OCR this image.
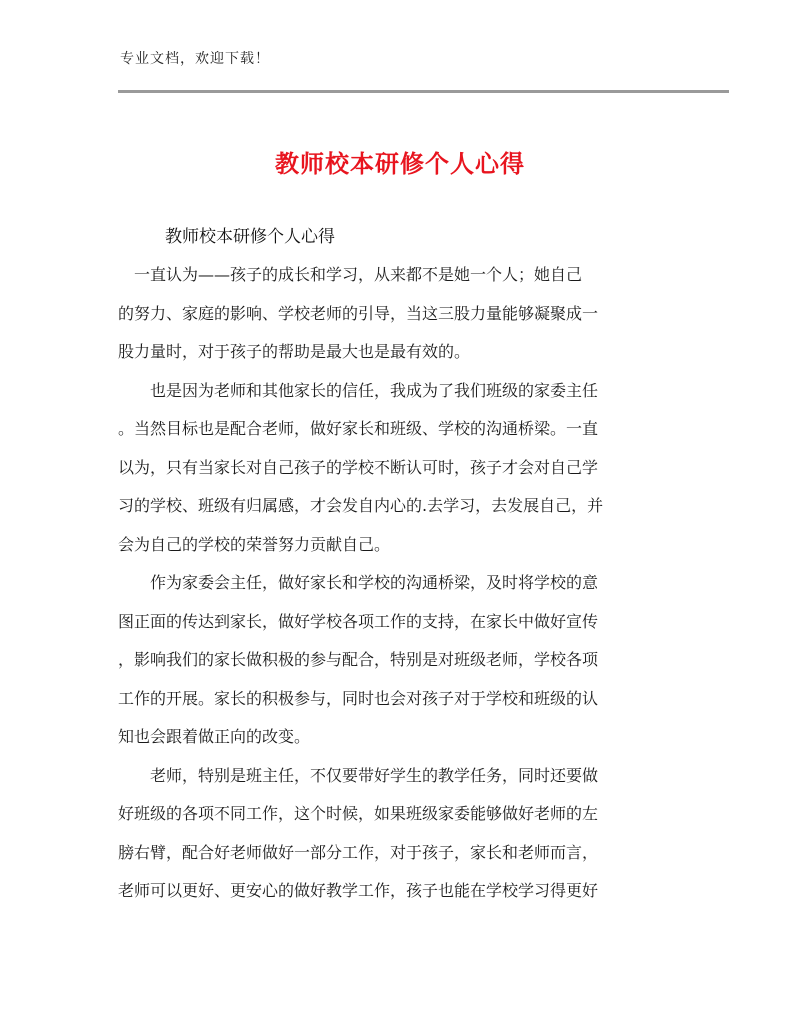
专业文档，欢迎下载！
教师校本研修个人心得
教师校本研修个人心得
　一直认为——孩子的成长和学习，从来都不是她一个人；她自己
的努力、家庭的影响、学校老师的引导，当这三股力量能够凝聚成一
股力量时，对于孩子的帮助是最大也是最有效的。
　　也是因为老师和其他家长的信任，我成为了我们班级的家委主任
。当然目标也是配合老师，做好家长和班级、学校的沟通桥梁。一直
以为，只有当家长对自己孩子的学校不断认可时，孩子才会对自己学
习的学校、班级有归属感，才会发自内心的.去学习，去发展自己，并
会为自己的学校的荣誉努力贡献自己。
　　作为家委会主任，做好家长和学校的沟通桥梁，及时将学校的意
图正面的传达到家长，做好学校各项工作的支持，在家长中做好宣传
，影响我们的家长做积极的参与配合，特别是对班级老师，学校各项
工作的开展。家长的积极参与，同时也会对孩子对于学校和班级的认
知也会跟着做正向的改变。
　　老师，特别是班主任，不仅要带好学生的教学任务，同时还要做
好班级的各项不同工作，这个时候，如果班级家委能够做好老师的左
膀右臂，配合好老师做好一部分工作，对于孩子，家长和老师而言，
老师可以更好、更安心的做好教学工作，孩子也能在学校学习得更好
